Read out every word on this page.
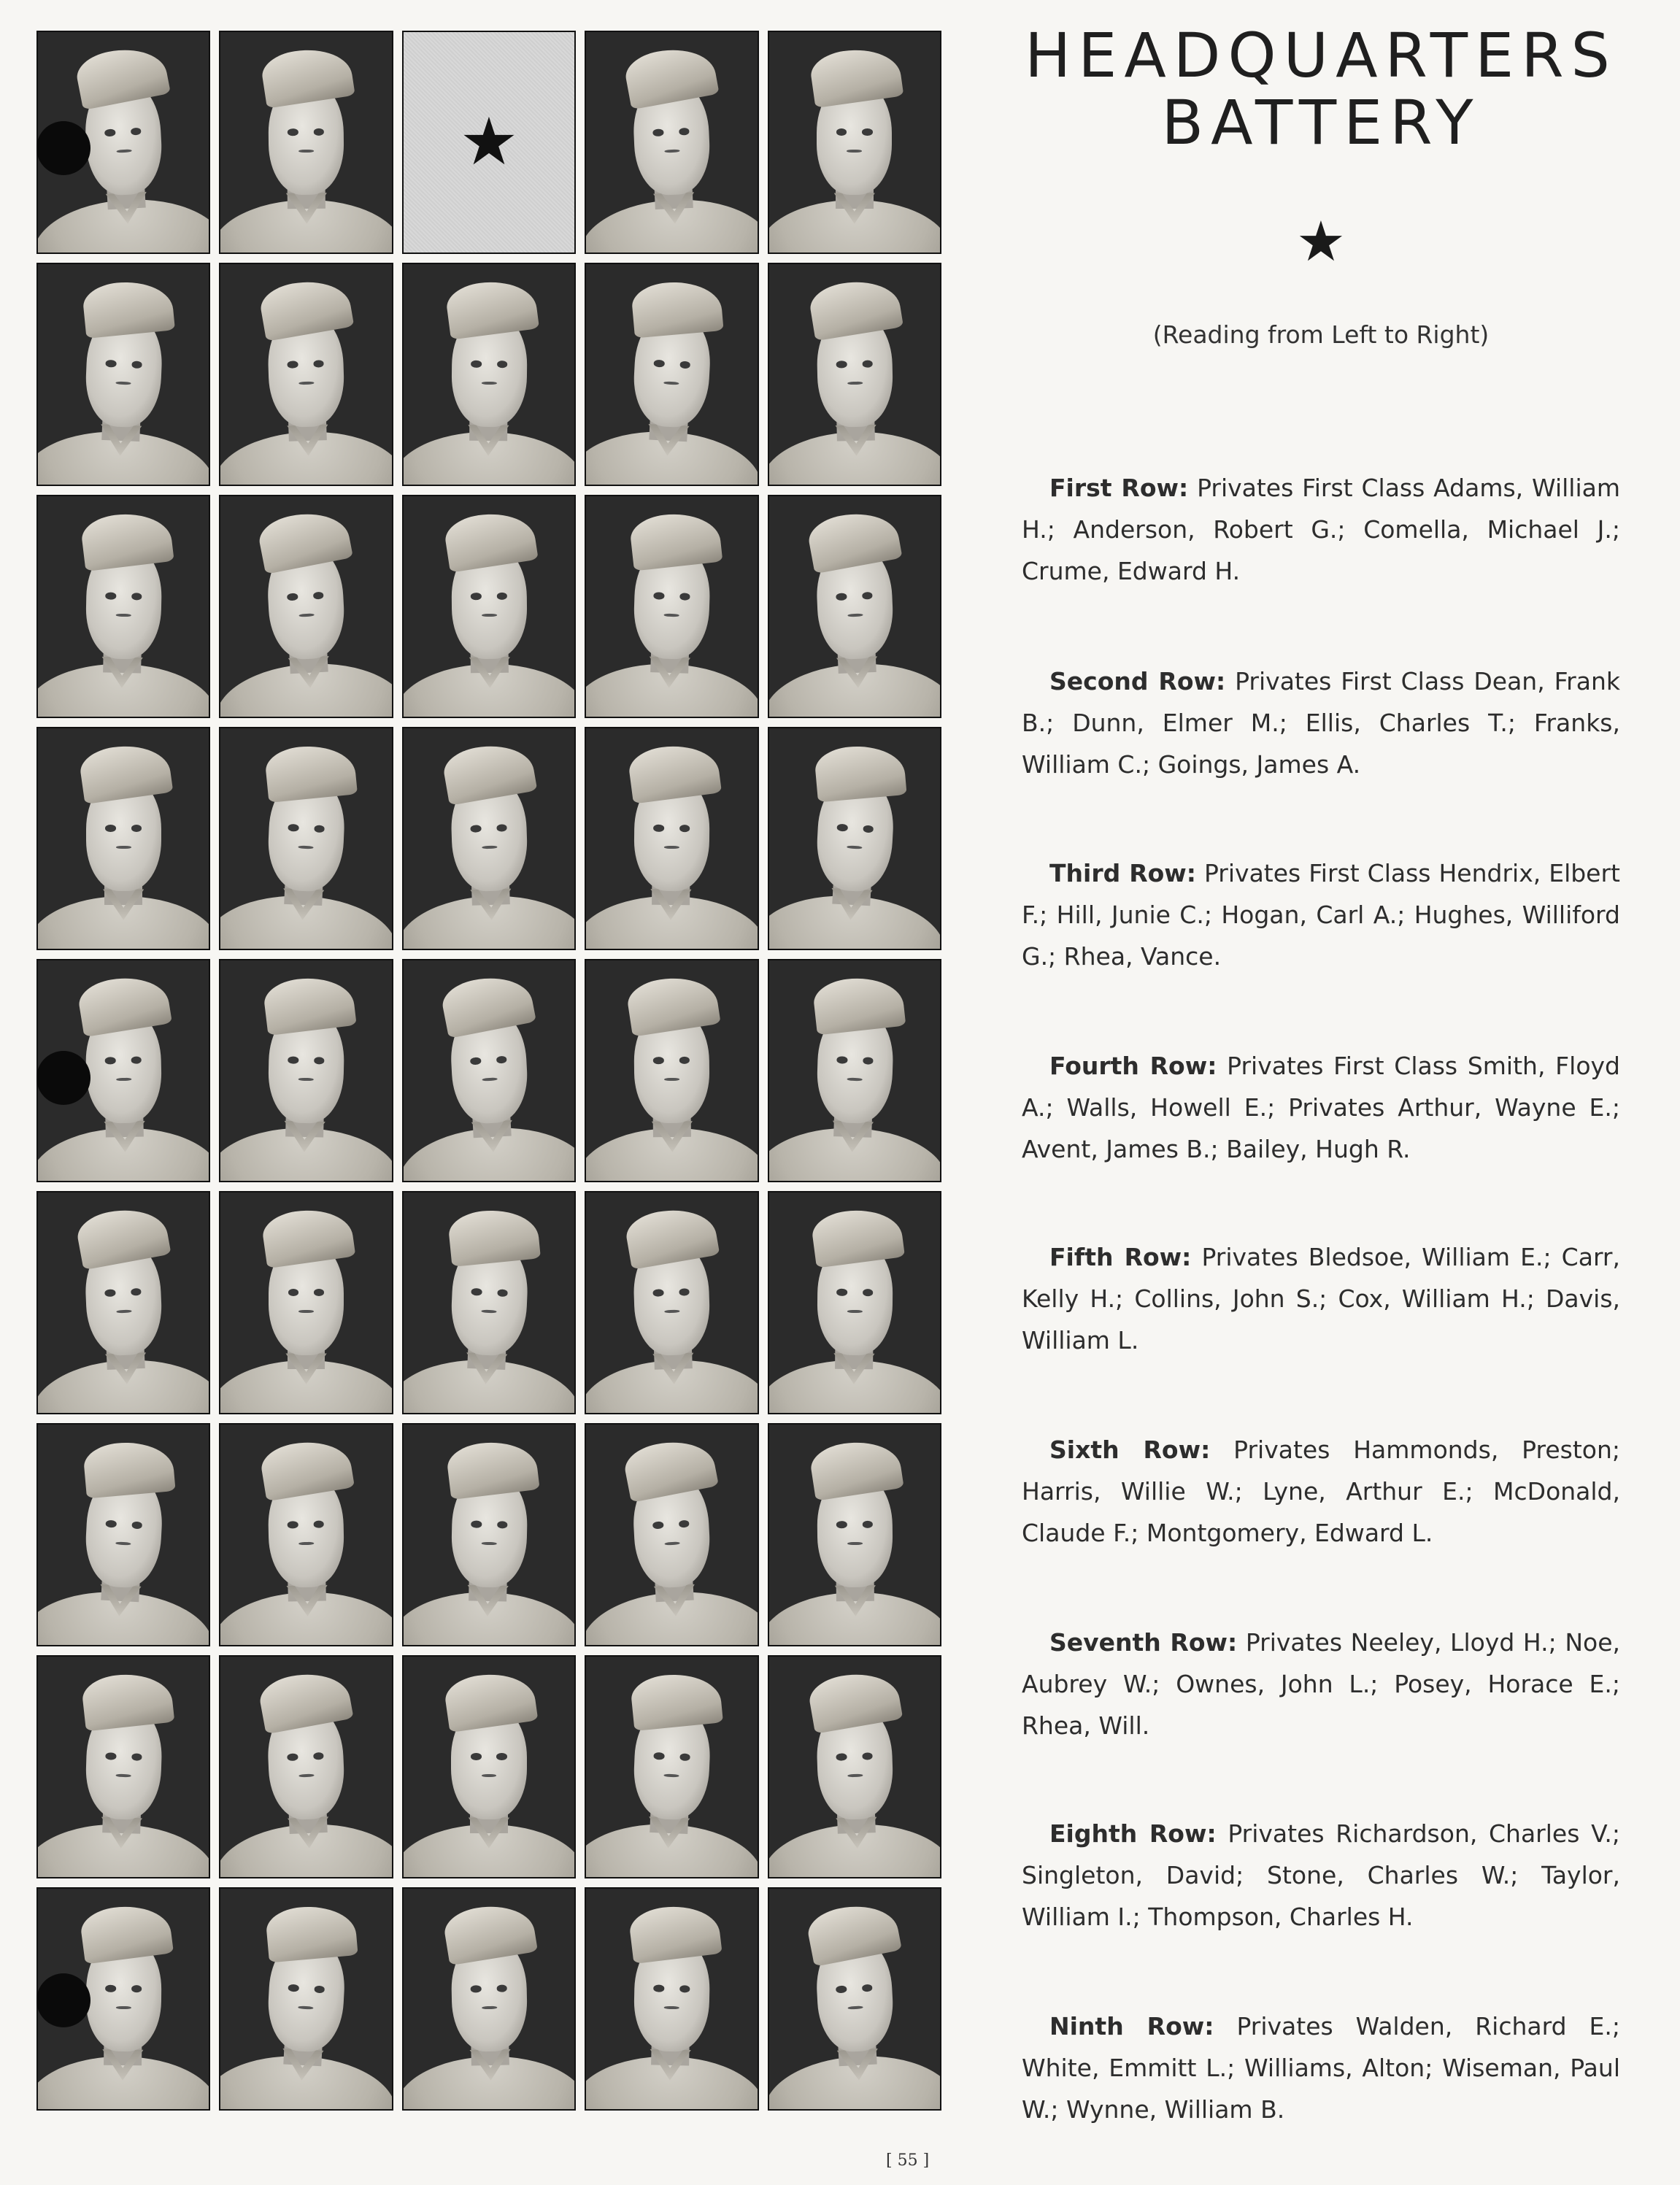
★
HEADQUARTERS
BATTERY
★
(Reading from Left to Right)
First Row: Privates First Class Adams, William H.; Anderson, Robert G.; Comella, Michael J.; Crume, Edward H.
Second Row: Privates First Class Dean, Frank B.; Dunn, Elmer M.; Ellis, Charles T.; Franks, William C.; Goings, James A.
Third Row: Privates First Class Hendrix, Elbert F.; Hill, Junie C.; Hogan, Carl A.; Hughes, Williford G.; Rhea, Vance.
Fourth Row: Privates First Class Smith, Floyd A.; Walls, Howell E.; Privates Arthur, Wayne E.; Avent, James B.; Bailey, Hugh R.
Fifth Row: Privates Bledsoe, William E.; Carr, Kelly H.; Collins, John S.; Cox, William H.; Davis, William L.
Sixth Row: Privates Hammonds, Preston; Harris, Willie W.; Lyne, Arthur E.; McDonald, Claude F.; Montgomery, Edward L.
Seventh Row: Privates Neeley, Lloyd H.; Noe, Aubrey W.; Ownes, John L.; Posey, Horace E.; Rhea, Will.
Eighth Row: Privates Richardson, Charles V.; Singleton, David; Stone, Charles W.; Taylor, William I.; Thompson, Charles H.
Ninth Row: Privates Walden, Richard E.; White, Emmitt L.; Williams, Alton; Wiseman, Paul W.; Wynne, William B.
[ 55 ]
